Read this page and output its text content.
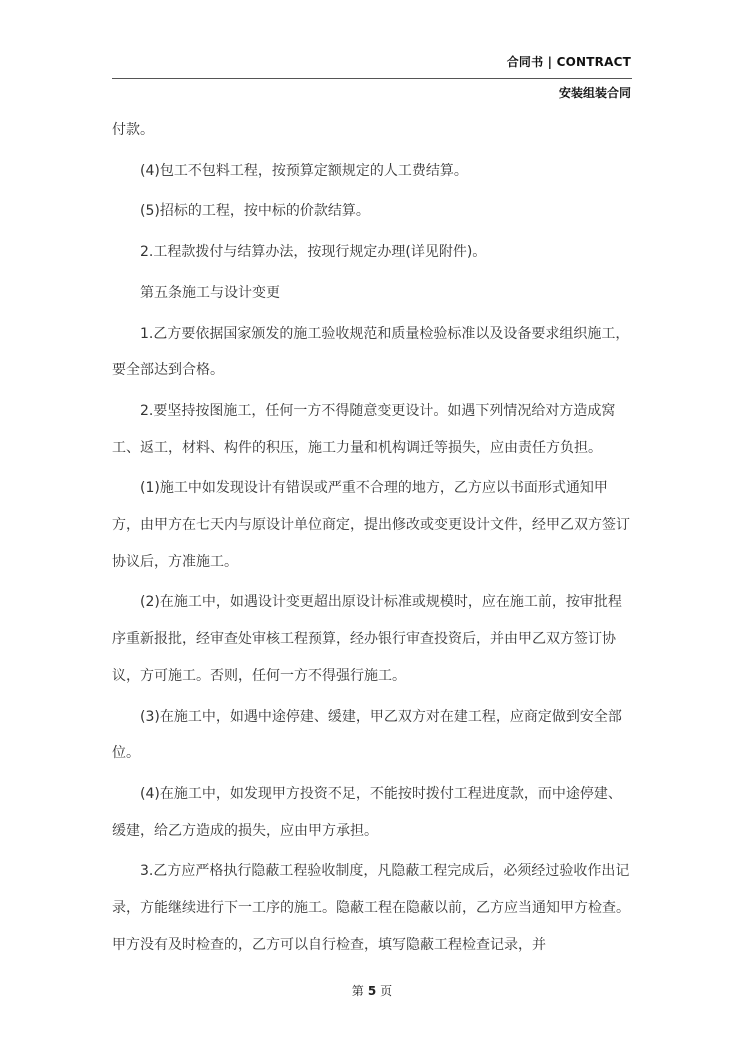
合同书 | CONTRACT
安装组装合同

付款。

(4)包工不包料工程，按预算定额规定的人工费结算。

(5)招标的工程，按中标的价款结算。

2.工程款拨付与结算办法，按现行规定办理(详见附件)。

第五条施工与设计变更

1.乙方要依据国家颁发的施工验收规范和质量检验标准以及设备要求组织施工，要全部达到合格。

2.要坚持按图施工，任何一方不得随意变更设计。如遇下列情况给对方造成窝工、返工，材料、构件的积压，施工力量和机构调迁等损失，应由责任方负担。

(1)施工中如发现设计有错误或严重不合理的地方，乙方应以书面形式通知甲方，由甲方在七天内与原设计单位商定，提出修改或变更设计文件，经甲乙双方签订协议后，方准施工。

(2)在施工中，如遇设计变更超出原设计标准或规模时，应在施工前，按审批程序重新报批，经审查处审核工程预算，经办银行审查投资后，并由甲乙双方签订协议，方可施工。否则，任何一方不得强行施工。

(3)在施工中，如遇中途停建、缓建，甲乙双方对在建工程，应商定做到安全部位。

(4)在施工中，如发现甲方投资不足，不能按时拨付工程进度款，而中途停建、缓建，给乙方造成的损失，应由甲方承担。

3.乙方应严格执行隐蔽工程验收制度，凡隐蔽工程完成后，必须经过验收作出记录，方能继续进行下一工序的施工。隐蔽工程在隐蔽以前，乙方应当通知甲方检查。甲方没有及时检查的，乙方可以自行检查，填写隐蔽工程检查记录，并

第 5 页
